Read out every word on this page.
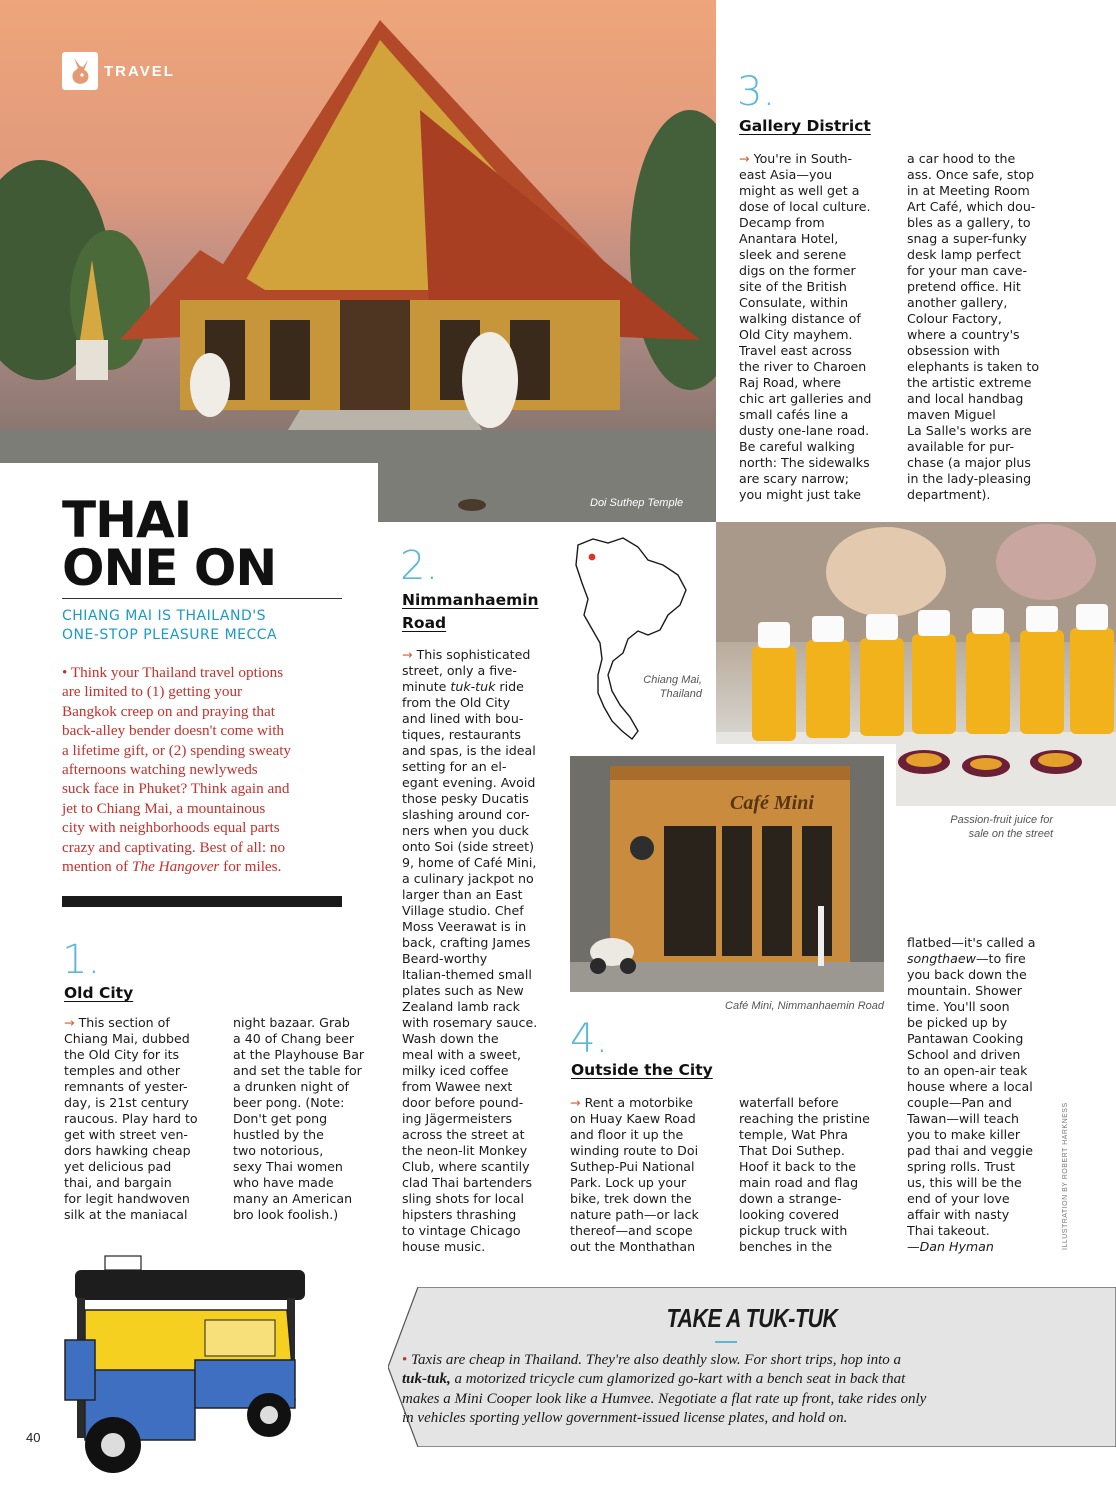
Doi Suthep Temple
TRAVEL
THAI
ONE ON
CHIANG MAI IS THAILAND'S
ONE-STOP PLEASURE MECCA
• Think your Thailand travel options
are limited to (1) getting your
Bangkok creep on and praying that
back-alley bender doesn't come with
a lifetime gift, or (2) spending sweaty
afternoons watching newlyweds
suck face in Phuket? Think again and
jet to Chiang Mai, a mountainous
city with neighborhoods equal parts
crazy and captivating. Best of all: no
mention of The Hangover for miles.
1.
Old City
→ This section of
Chiang Mai, dubbed
the Old City for its
temples and other
remnants of yester-
day, is 21st century
raucous. Play hard to
get with street ven-
dors hawking cheap
yet delicious pad
thai, and bargain
for legit handwoven
silk at the maniacal
night bazaar. Grab
a 40 of Chang beer
at the Playhouse Bar
and set the table for
a drunken night of
beer pong. (Note:
Don't get pong
hustled by the
two notorious,
sexy Thai women
who have made
many an American
bro look foolish.)
2.
Nimmanhaemin
Road
→ This sophisticated
street, only a five-
minute tuk-tuk ride
from the Old City
and lined with bou-
tiques, restaurants
and spas, is the ideal
setting for an el-
egant evening. Avoid
those pesky Ducatis
slashing around cor-
ners when you duck
onto Soi (side street)
9, home of Café Mini,
a culinary jackpot no
larger than an East
Village studio. Chef
Moss Veerawat is in
back, crafting James
Beard-worthy
Italian-themed small
plates such as New
Zealand lamb rack
with rosemary sauce.
Wash down the
meal with a sweet,
milky iced coffee
from Wawee next
door before pound-
ing Jägermeisters
across the street at
the neon-lit Monkey
Club, where scantily
clad Thai bartenders
sling shots for local
hipsters thrashing
to vintage Chicago
house music.
3.
Gallery District
→ You're in South-
east Asia—you
might as well get a
dose of local culture.
Decamp from
Anantara Hotel,
sleek and serene
digs on the former
site of the British
Consulate, within
walking distance of
Old City mayhem.
Travel east across
the river to Charoen
Raj Road, where
chic art galleries and
small cafés line a
dusty one-lane road.
Be careful walking
north: The sidewalks
are scary narrow;
you might just take
a car hood to the
ass. Once safe, stop
in at Meeting Room
Art Café, which dou-
bles as a gallery, to
snag a super-funky
desk lamp perfect
for your man cave-
pretend office. Hit
another gallery,
Colour Factory,
where a country's
obsession with
elephants is taken to
the artistic extreme
and local handbag
maven Miguel
La Salle's works are
available for pur-
chase (a major plus
in the lady-pleasing
department).
Chiang Mai,
Thailand
Passion-fruit juice for
sale on the street
Café Mini
Café Mini, Nimmanhaemin Road
4.
Outside the City
→ Rent a motorbike
on Huay Kaew Road
and floor it up the
winding route to Doi
Suthep-Pui National
Park. Lock up your
bike, trek down the
nature path—or lack
thereof—and scope
out the Monthathan
waterfall before
reaching the pristine
temple, Wat Phra
That Doi Suthep.
Hoof it back to the
main road and flag
down a strange-
looking covered
pickup truck with
benches in the
flatbed—it's called a
songthaew—to fire
you back down the
mountain. Shower
time. You'll soon
be picked up by
Pantawan Cooking
School and driven
to an open-air teak
house where a local
couple—Pan and
Tawan—will teach
you to make killer
pad thai and veggie
spring rolls. Trust
us, this will be the
end of your love
affair with nasty
Thai takeout.
—Dan Hyman	ILLUSTRATION BY ROBERT HARKNESS
TAKE A TUK-TUK
• Taxis are cheap in Thailand. They're also deathly slow. For short trips, hop into a
tuk-tuk, a motorized tricycle cum glamorized go-kart with a bench seat in back that
makes a Mini Cooper look like a Humvee. Negotiate a flat rate up front, take rides only
in vehicles sporting yellow government-issued license plates, and hold on.
40
